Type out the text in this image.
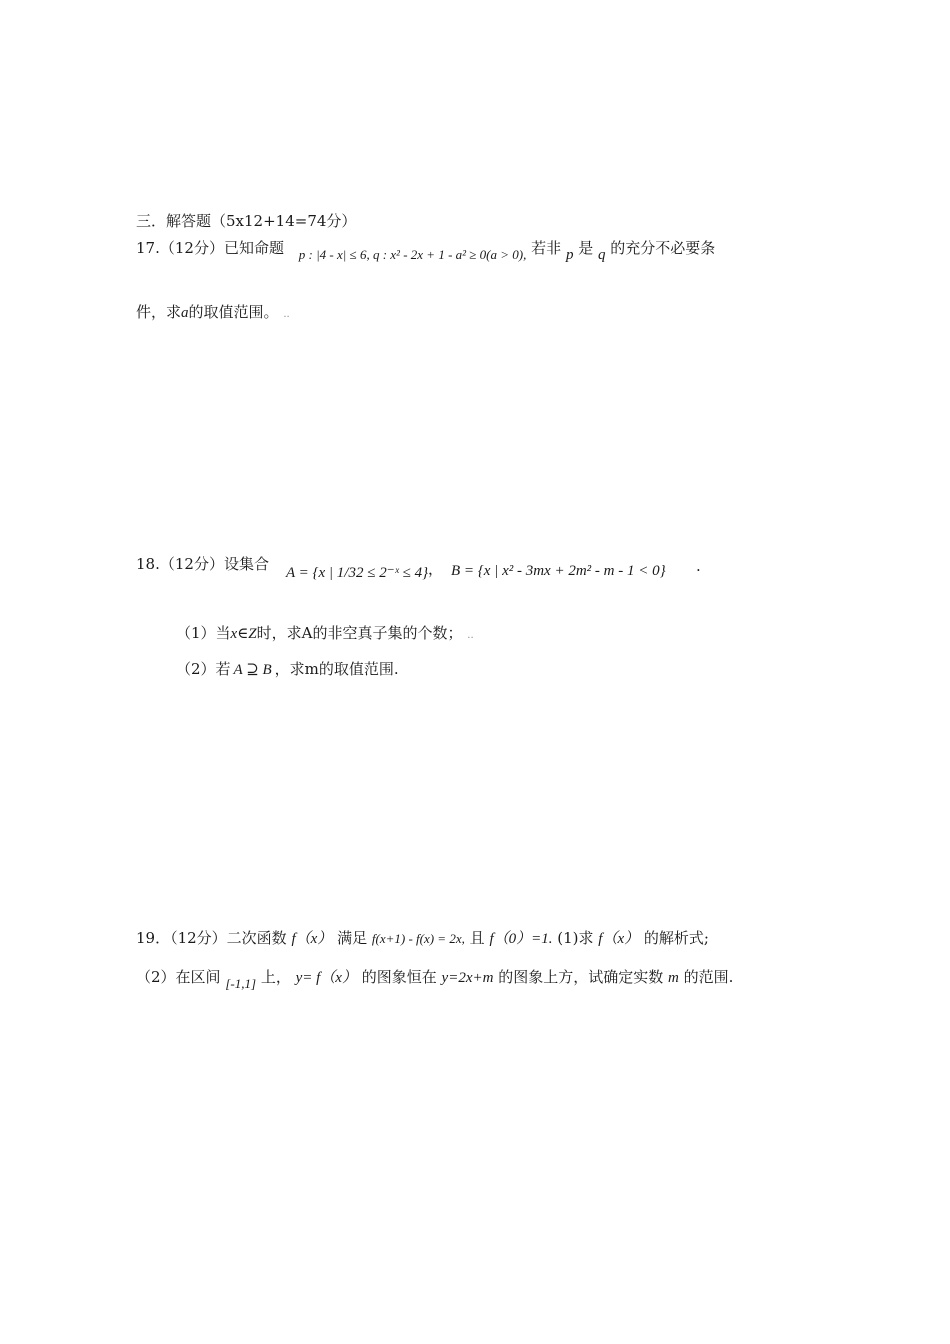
三．解答题（5x12+14=74分）
17.（12分）已知命题 p : |4 - x| ≤ 6, q : x² - 2x + 1 - a² ≥ 0(a > 0), 若非 p 是 q 的充分不必要条
件，求a的取值范围。 ..
18.（12分）设集合 A = {x | 1/32 ≤ 2⁻ˣ ≤ 4} ， B = {x | x² - 3mx + 2m² - m - 1 < 0} .
（1）当x∈Z时，求A的非空真子集的个数； ..
（2）若 A ⊇ B ，求m的取值范围.
19．（12分）二次函数 f（x） 满足 f(x+1) - f(x) = 2x, 且 f（0）=1. (1)求 f（x） 的解析式;
（2）在区间 [-1,1] 上， y= f（x） 的图象恒在 y=2x+m 的图象上方，试确定实数 m 的范围.
